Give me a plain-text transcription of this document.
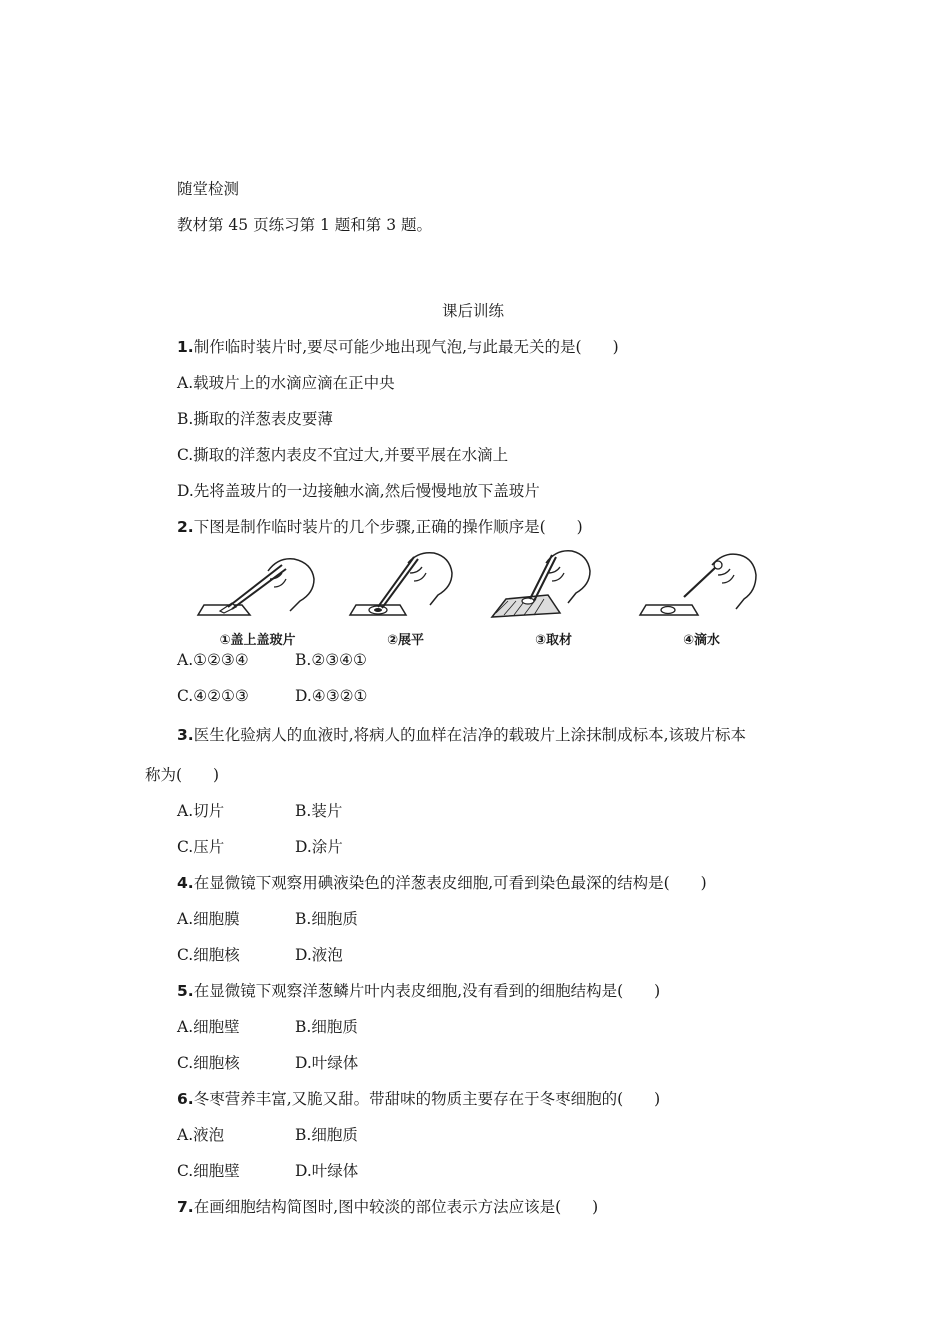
随堂检测
教材第 45 页练习第 1 题和第 3 题。
课后训练
1.制作临时装片时,要尽可能少地出现气泡,与此最无关的是(　　)
A.载玻片上的水滴应滴在正中央
B.撕取的洋葱表皮要薄
C.撕取的洋葱内表皮不宜过大,并要平展在水滴上
D.先将盖玻片的一边接触水滴,然后慢慢地放下盖玻片
2.下图是制作临时装片的几个步骤,正确的操作顺序是(　　)
①盖上盖玻片	②展平	③取材	④滴水
A.①②③④	B.②③④①
C.④②①③	D.④③②①
3.医生化验病人的血液时,将病人的血样在洁净的载玻片上涂抹制成标本,该玻片标本
称为(　　)
A.切片	B.装片
C.压片	D.涂片
4.在显微镜下观察用碘液染色的洋葱表皮细胞,可看到染色最深的结构是(　　)
A.细胞膜	B.细胞质
C.细胞核	D.液泡
5.在显微镜下观察洋葱鳞片叶内表皮细胞,没有看到的细胞结构是(　　)
A.细胞壁	B.细胞质
C.细胞核	D.叶绿体
6.冬枣营养丰富,又脆又甜。带甜味的物质主要存在于冬枣细胞的(　　)
A.液泡	B.细胞质
C.细胞壁	D.叶绿体
7.在画细胞结构简图时,图中较淡的部位表示方法应该是(　　)
